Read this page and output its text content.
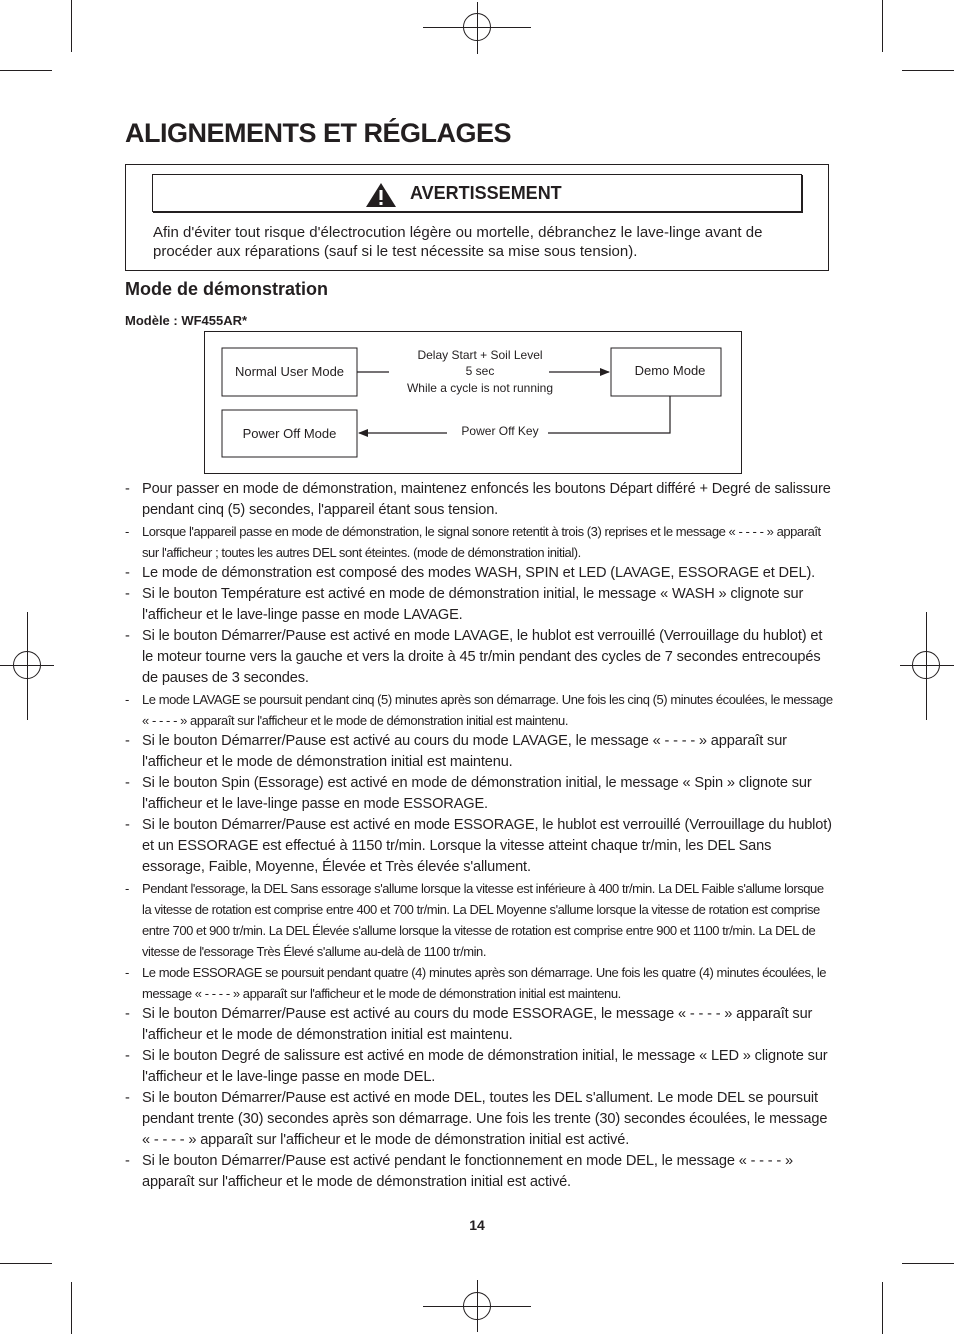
ALIGNEMENTS ET RÉGLAGES
AVERTISSEMENT

Afin d'éviter tout risque d'électrocution légère ou mortelle, débranchez le lave-linge avant de procéder aux réparations (sauf si le test nécessite sa mise sous tension).

Mode de démonstration
Modèle : WF455AR*
Normal User Mode	Demo Mode
Power Off Mode
Delay Start + Soil Level
5 sec
While a cycle is not running
Power Off Key
- Pour passer en mode de démonstration, maintenez enfoncés les boutons Départ différé + Degré de salissure pendant cinq (5) secondes, l'appareil étant sous tension.
- Lorsque l'appareil passe en mode de démonstration, le signal sonore retentit à trois (3) reprises et le message « - - - - » apparaît sur l'afficheur ; toutes les autres DEL sont éteintes. (mode de démonstration initial).
- Le mode de démonstration est composé des modes WASH, SPIN et LED (LAVAGE, ESSORAGE et DEL).
- Si le bouton Température est activé en mode de démonstration initial, le message « WASH » clignote sur l'afficheur et le lave-linge passe en mode LAVAGE.
- Si le bouton Démarrer/Pause est activé en mode LAVAGE, le hublot est verrouillé (Verrouillage du hublot) et le moteur tourne vers la gauche et vers la droite à 45 tr/min pendant des cycles de 7 secondes entrecoupés de pauses de 3 secondes.
- Le mode LAVAGE se poursuit pendant cinq (5) minutes après son démarrage. Une fois les cinq (5) minutes écoulées, le message « - - - - » apparaît sur l'afficheur et le mode de démonstration initial est maintenu.
- Si le bouton Démarrer/Pause est activé au cours du mode LAVAGE, le message « - - - - » apparaît sur l'afficheur et le mode de démonstration initial est maintenu.
- Si le bouton Spin (Essorage) est activé en mode de démonstration initial, le message « Spin » clignote sur l'afficheur et le lave-linge passe en mode ESSORAGE.
- Si le bouton Démarrer/Pause est activé en mode ESSORAGE, le hublot est verrouillé (Verrouillage du hublot) et un ESSORAGE est effectué à 1150 tr/min. Lorsque la vitesse atteint chaque tr/min, les DEL Sans essorage, Faible, Moyenne, Élevée et Très élevée s'allument.
- Pendant l'essorage, la DEL Sans essorage s'allume lorsque la vitesse est inférieure à 400 tr/min. La DEL Faible s'allume lorsque la vitesse de rotation est comprise entre 400 et 700 tr/min. La DEL Moyenne s'allume lorsque la vitesse de rotation est comprise entre 700 et 900 tr/min. La DEL Élevée s'allume lorsque la vitesse de rotation est comprise entre 900 et 1100 tr/min. La DEL de vitesse de l'essorage Très Élevé s'allume au-delà de 1100 tr/min.
- Le mode ESSORAGE se poursuit pendant quatre (4) minutes après son démarrage. Une fois les quatre (4) minutes écoulées, le message « - - - - » apparaît sur l'afficheur et le mode de démonstration initial est maintenu.
- Si le bouton Démarrer/Pause est activé au cours du mode ESSORAGE, le message « - - - - » apparaît sur l'afficheur et le mode de démonstration initial est maintenu.
- Si le bouton Degré de salissure est activé en mode de démonstration initial, le message « LED » clignote sur l'afficheur et le lave-linge passe en mode DEL.
- Si le bouton Démarrer/Pause est activé en mode DEL, toutes les DEL s'allument. Le mode DEL se poursuit pendant trente (30) secondes après son démarrage. Une fois les trente (30) secondes écoulées, le message « - - - - » apparaît sur l'afficheur et le mode de démonstration initial est activé.
- Si le bouton Démarrer/Pause est activé pendant le fonctionnement en mode DEL, le message « - - - - » apparaît sur l'afficheur et le mode de démonstration initial est activé.
14
